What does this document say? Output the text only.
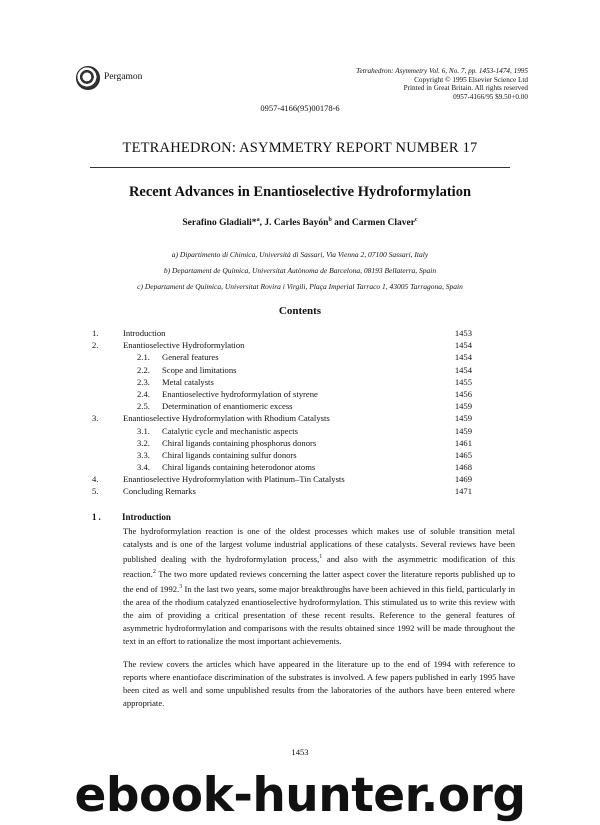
Pergamon
Tetrahedron: Asymmetry Vol. 6, No. 7, pp. 1453-1474, 1995
Copyright © 1995 Elsevier Science Ltd
Printed in Great Britain. All rights reserved
0957-4166/95 $9.50+0.00
0957-4166(95)00178-6
TETRAHEDRON: ASYMMETRY REPORT NUMBER 17
Recent Advances in Enantioselective Hydroformylation
Serafino Gladiali*$^a$, J. Carles Bayón$^b$ and Carmen Claver$^c$
a) Dipartimento di Chimica, Università di Sassari, Via Vienna 2, 07100 Sassari, Italy
b) Departament de Química, Universitat Autònoma de Barcelona, 08193 Bellaterra, Spain
c) Departament de Química, Universitat Rovira i Virgili, Plaça Imperial Tarraco 1, 43005 Tarragona, Spain
Contents
1.	Introduction	1453
2.	Enantioselective Hydroformylation	1454
2.1. General features	1454
2.2. Scope and limitations	1454
2.3. Metal catalysts	1455
2.4. Enantioselective hydroformylation of styrene	1456
2.5. Determination of enantiomeric excess	1459
3.	Enantioselective Hydroformylation with Rhodium Catalysts	1459
3.1. Catalytic cycle and mechanistic aspects	1459
3.2. Chiral ligands containing phosphorus donors	1461
3.3. Chiral ligands containing sulfur donors	1465
3.4. Chiral ligands containing heterodonor atoms	1468
4.	Enantioselective Hydroformylation with Platinum–Tin Catalysts	1469
5.	Concluding Remarks	1471
1. Introduction
The hydroformylation reaction is one of the oldest processes which makes use of soluble transition metal catalysts and is one of the largest volume industrial applications of these catalysts. Several reviews have been published dealing with the hydroformylation process,$^1$ and also with the asymmetric modification of this reaction.$^2$ The two more updated reviews concerning the latter aspect cover the literature reports published up to the end of 1992.$^3$ In the last two years, some major breakthroughs have been achieved in this field, particularly in the area of the rhodium catalyzed enantioselective hydroformylation. This stimulated us to write this review with the aim of providing a critical presentation of these recent results. Reference to the general features of asymmetric hydroformylation and comparisons with the results obtained since 1992 will be made throughout the text in an effort to rationalize the most important achievements.
The review covers the articles which have appeared in the literature up to the end of 1994 with reference to reports where enantioface discrimination of the substrates is involved. A few papers published in early 1995 have been cited as well and some unpublished results from the laboratories of the authors have been entered where appropriate.
1453
ebook-hunter.org
